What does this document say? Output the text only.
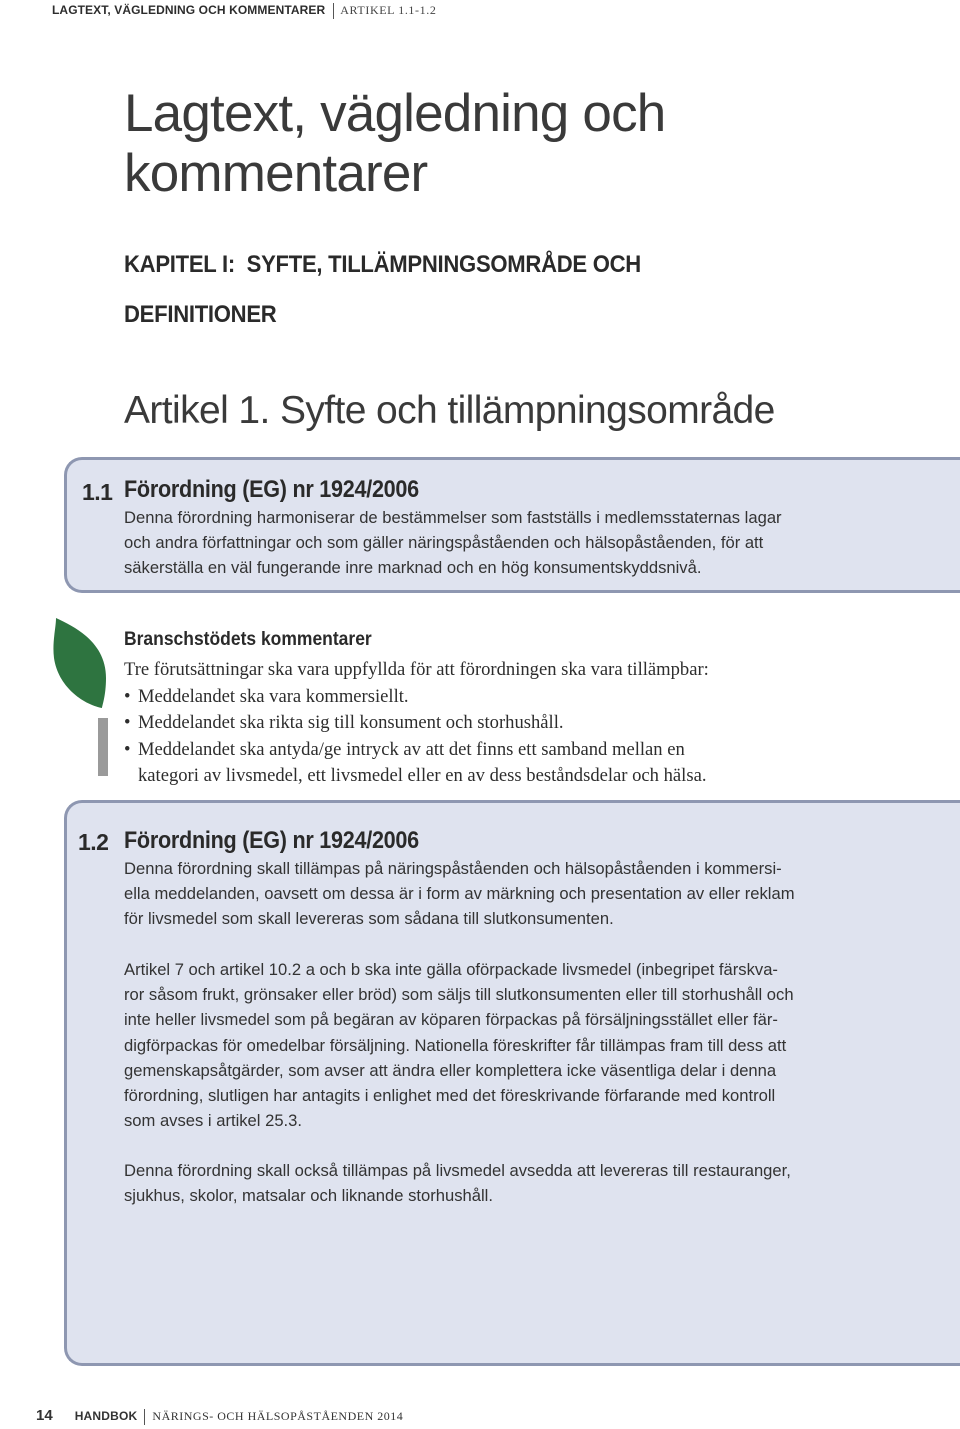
LAGTEXT, VÄGLEDNING OCH KOMMENTARER ARTIKEL 1.1-1.2
Lagtext, vägledning och
kommentarer
KAPITEL I:  SYFTE, TILLÄMPNINGSOMRÅDE OCH
DEFINITIONER
Artikel 1. Syfte och tillämpningsområde
1.1 Förordning (EG) nr 1924/2006
Denna förordning harmoniserar de bestämmelser som fastställs i medlemsstaternas lagar
och andra författningar och som gäller näringspåståenden och hälsopåståenden, för att
säkerställa en väl fungerande inre marknad och en hög konsumentskyddsnivå.
Branschstödets kommentarer
Tre förutsättningar ska vara uppfyllda för att förordningen ska vara tillämpbar:
• Meddelandet ska vara kommersiellt.
• Meddelandet ska rikta sig till konsument och storhushåll.
• Meddelandet ska antyda/ge intryck av att det finns ett samband mellan en
kategori av livsmedel, ett livsmedel eller en av dess beståndsdelar och hälsa.
1.2 Förordning (EG) nr 1924/2006
Denna förordning skall tillämpas på näringspåståenden och hälsopåståenden i kommersi-
ella meddelanden, oavsett om dessa är i form av märkning och presentation av eller reklam
för livsmedel som skall levereras som sådana till slutkonsumenten.
Artikel 7 och artikel 10.2 a och b ska inte gälla oförpackade livsmedel (inbegripet färskva-
ror såsom frukt, grönsaker eller bröd) som säljs till slutkonsumenten eller till storhushåll och
inte heller livsmedel som på begäran av köparen förpackas på försäljningsstället eller fär-
digförpackas för omedelbar försäljning. Nationella föreskrifter får tillämpas fram till dess att
gemenskapsåtgärder, som avser att ändra eller komplettera icke väsentliga delar i denna
förordning, slutligen har antagits i enlighet med det föreskrivande förfarande med kontroll
som avses i artikel 25.3.
Denna förordning skall också tillämpas på livsmedel avsedda att levereras till restauranger,
sjukhus, skolor, matsalar och liknande storhushåll.
14 HANDBOK NÄRINGS- OCH HÄLSOPÅSTÅENDEN 2014
